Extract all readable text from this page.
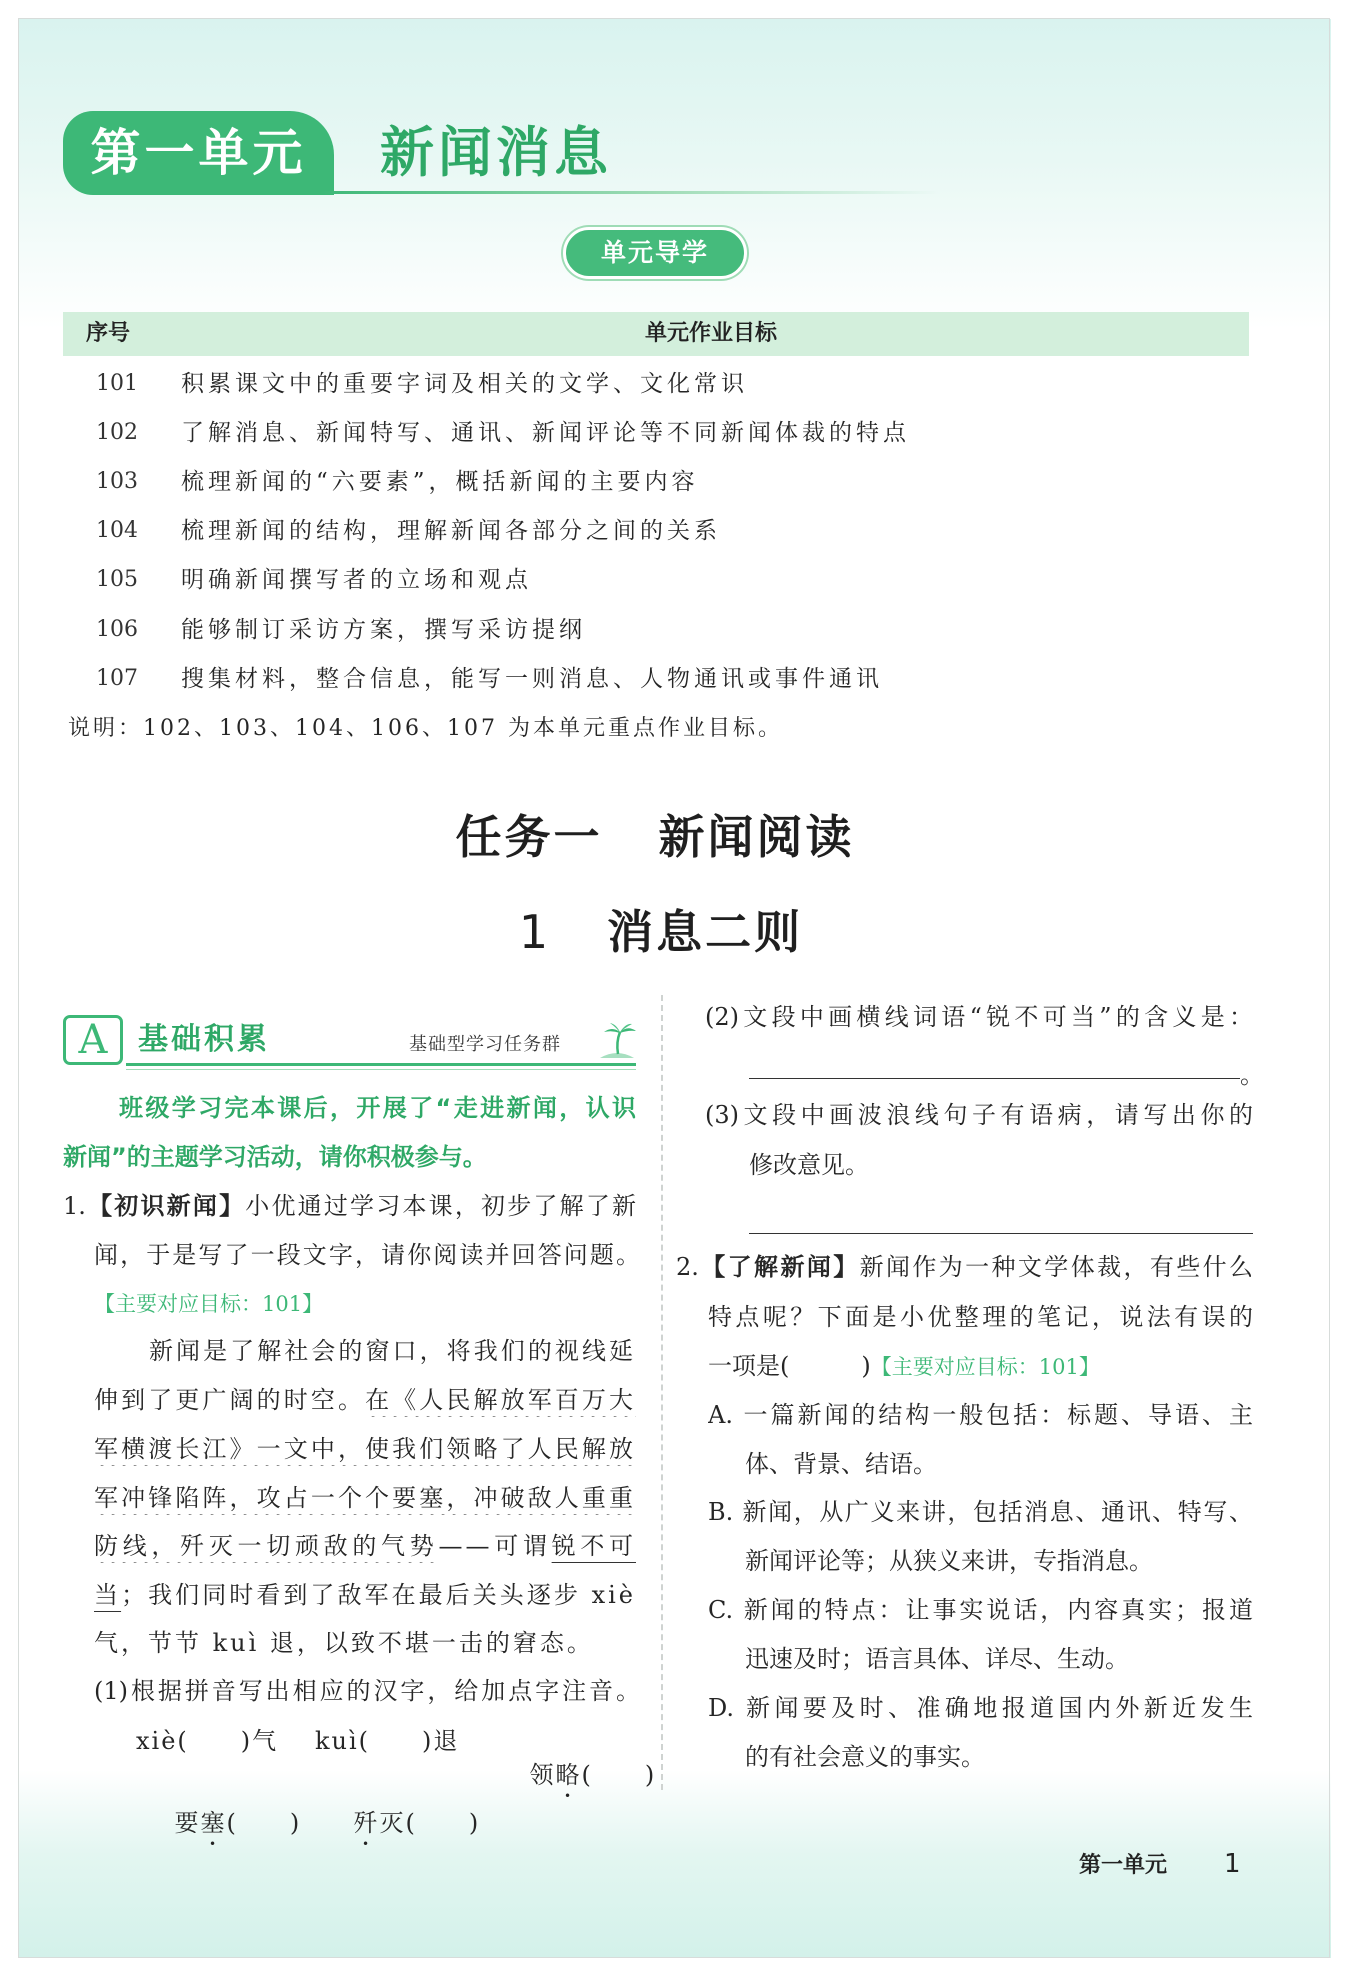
第一单元	新闻消息
单元导学
序号	单元作业目标
101 积累课文中的重要字词及相关的文学、文化常识
102 了解消息、新闻特写、通讯、新闻评论等不同新闻体裁的特点
103 梳理新闻的“六要素”，概括新闻的主要内容
104 梳理新闻的结构，理解新闻各部分之间的关系
105 明确新闻撰写者的立场和观点
106 能够制订采访方案，撰写采访提纲
107 搜集材料，整合信息，能写一则消息、人物通讯或事件通讯
说明：102、103、104、106、107 为本单元重点作业目标。
任务一 新闻阅读
1 消息二则
A	基础积累	基础型学习任务群
班级学习完本课后，开展了“走进新闻，认识
新闻”的主题学习活动，请你积极参与。
1.【初识新闻】小优通过学习本课，初步了解了新
闻，于是写了一段文字，请你阅读并回答问题。
【主要对应目标：101】
新闻是了解社会的窗口，将我们的视线延
伸到了更广阔的时空。在《人民解放军百万大
军横渡长江》一文中，使我们领略了人民解放
军冲锋陷阵，攻占一个个要塞，冲破敌人重重
防线，歼灭一切顽敌的气势——可谓锐不可
当；我们同时看到了敌军在最后关头逐步 xiè
气，节节 kuì 退，以致不堪一击的窘态。
(1)根据拼音写出相应的汉字，给加点字注音。
xiè(　　)气 kuì(　　)退

领略(　　)

要塞(　　)
	歼灭(　　)

(2)文段中画横线词语“锐不可当”的含义是：
。
(3)文段中画波浪线句子有语病，请写出你的
修改意见。
2.【了解新闻】新闻作为一种文学体裁，有些什么
特点呢？下面是小优整理的笔记，说法有误的
一项是(　　　)【主要对应目标：101】
A. 一篇新闻的结构一般包括：标题、导语、主
体、背景、结语。
B. 新闻，从广义来讲，包括消息、通讯、特写、
新闻评论等；从狭义来讲，专指消息。
C. 新闻的特点：让事实说话，内容真实；报道
迅速及时；语言具体、详尽、生动。
D. 新闻要及时、准确地报道国内外新近发生
的有社会意义的事实。
第一单元 1
